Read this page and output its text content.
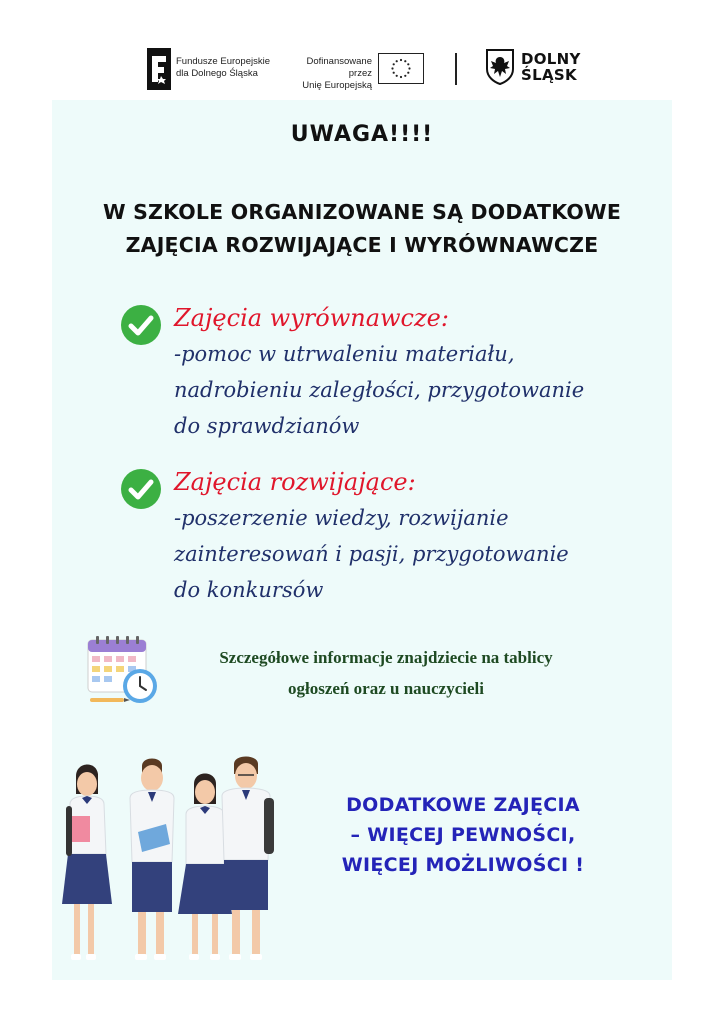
Fundusze Europejskie
dla Dolnego Śląska
Dofinansowane przez
Unię Europejską
DOLNY
ŚLĄSK
UWAGA!!!!
W SZKOLE ORGANIZOWANE SĄ DODATKOWE
ZAJĘCIA ROZWIJAJĄCE I WYRÓWNAWCZE
Zajęcia wyrównawcze:
-pomoc w utrwaleniu materiału,
nadrobieniu zaległości, przygotowanie
do sprawdzianów
Zajęcia rozwijające:
-poszerzenie wiedzy, rozwijanie
zainteresowań i pasji, przygotowanie
do konkursów
Szczegółowe informacje znajdziecie na tablicy
ogłoszeń oraz u nauczycieli
DODATKOWE ZAJĘCIA
– WIĘCEJ PEWNOŚCI,
WIĘCEJ MOŻLIWOŚCI !
